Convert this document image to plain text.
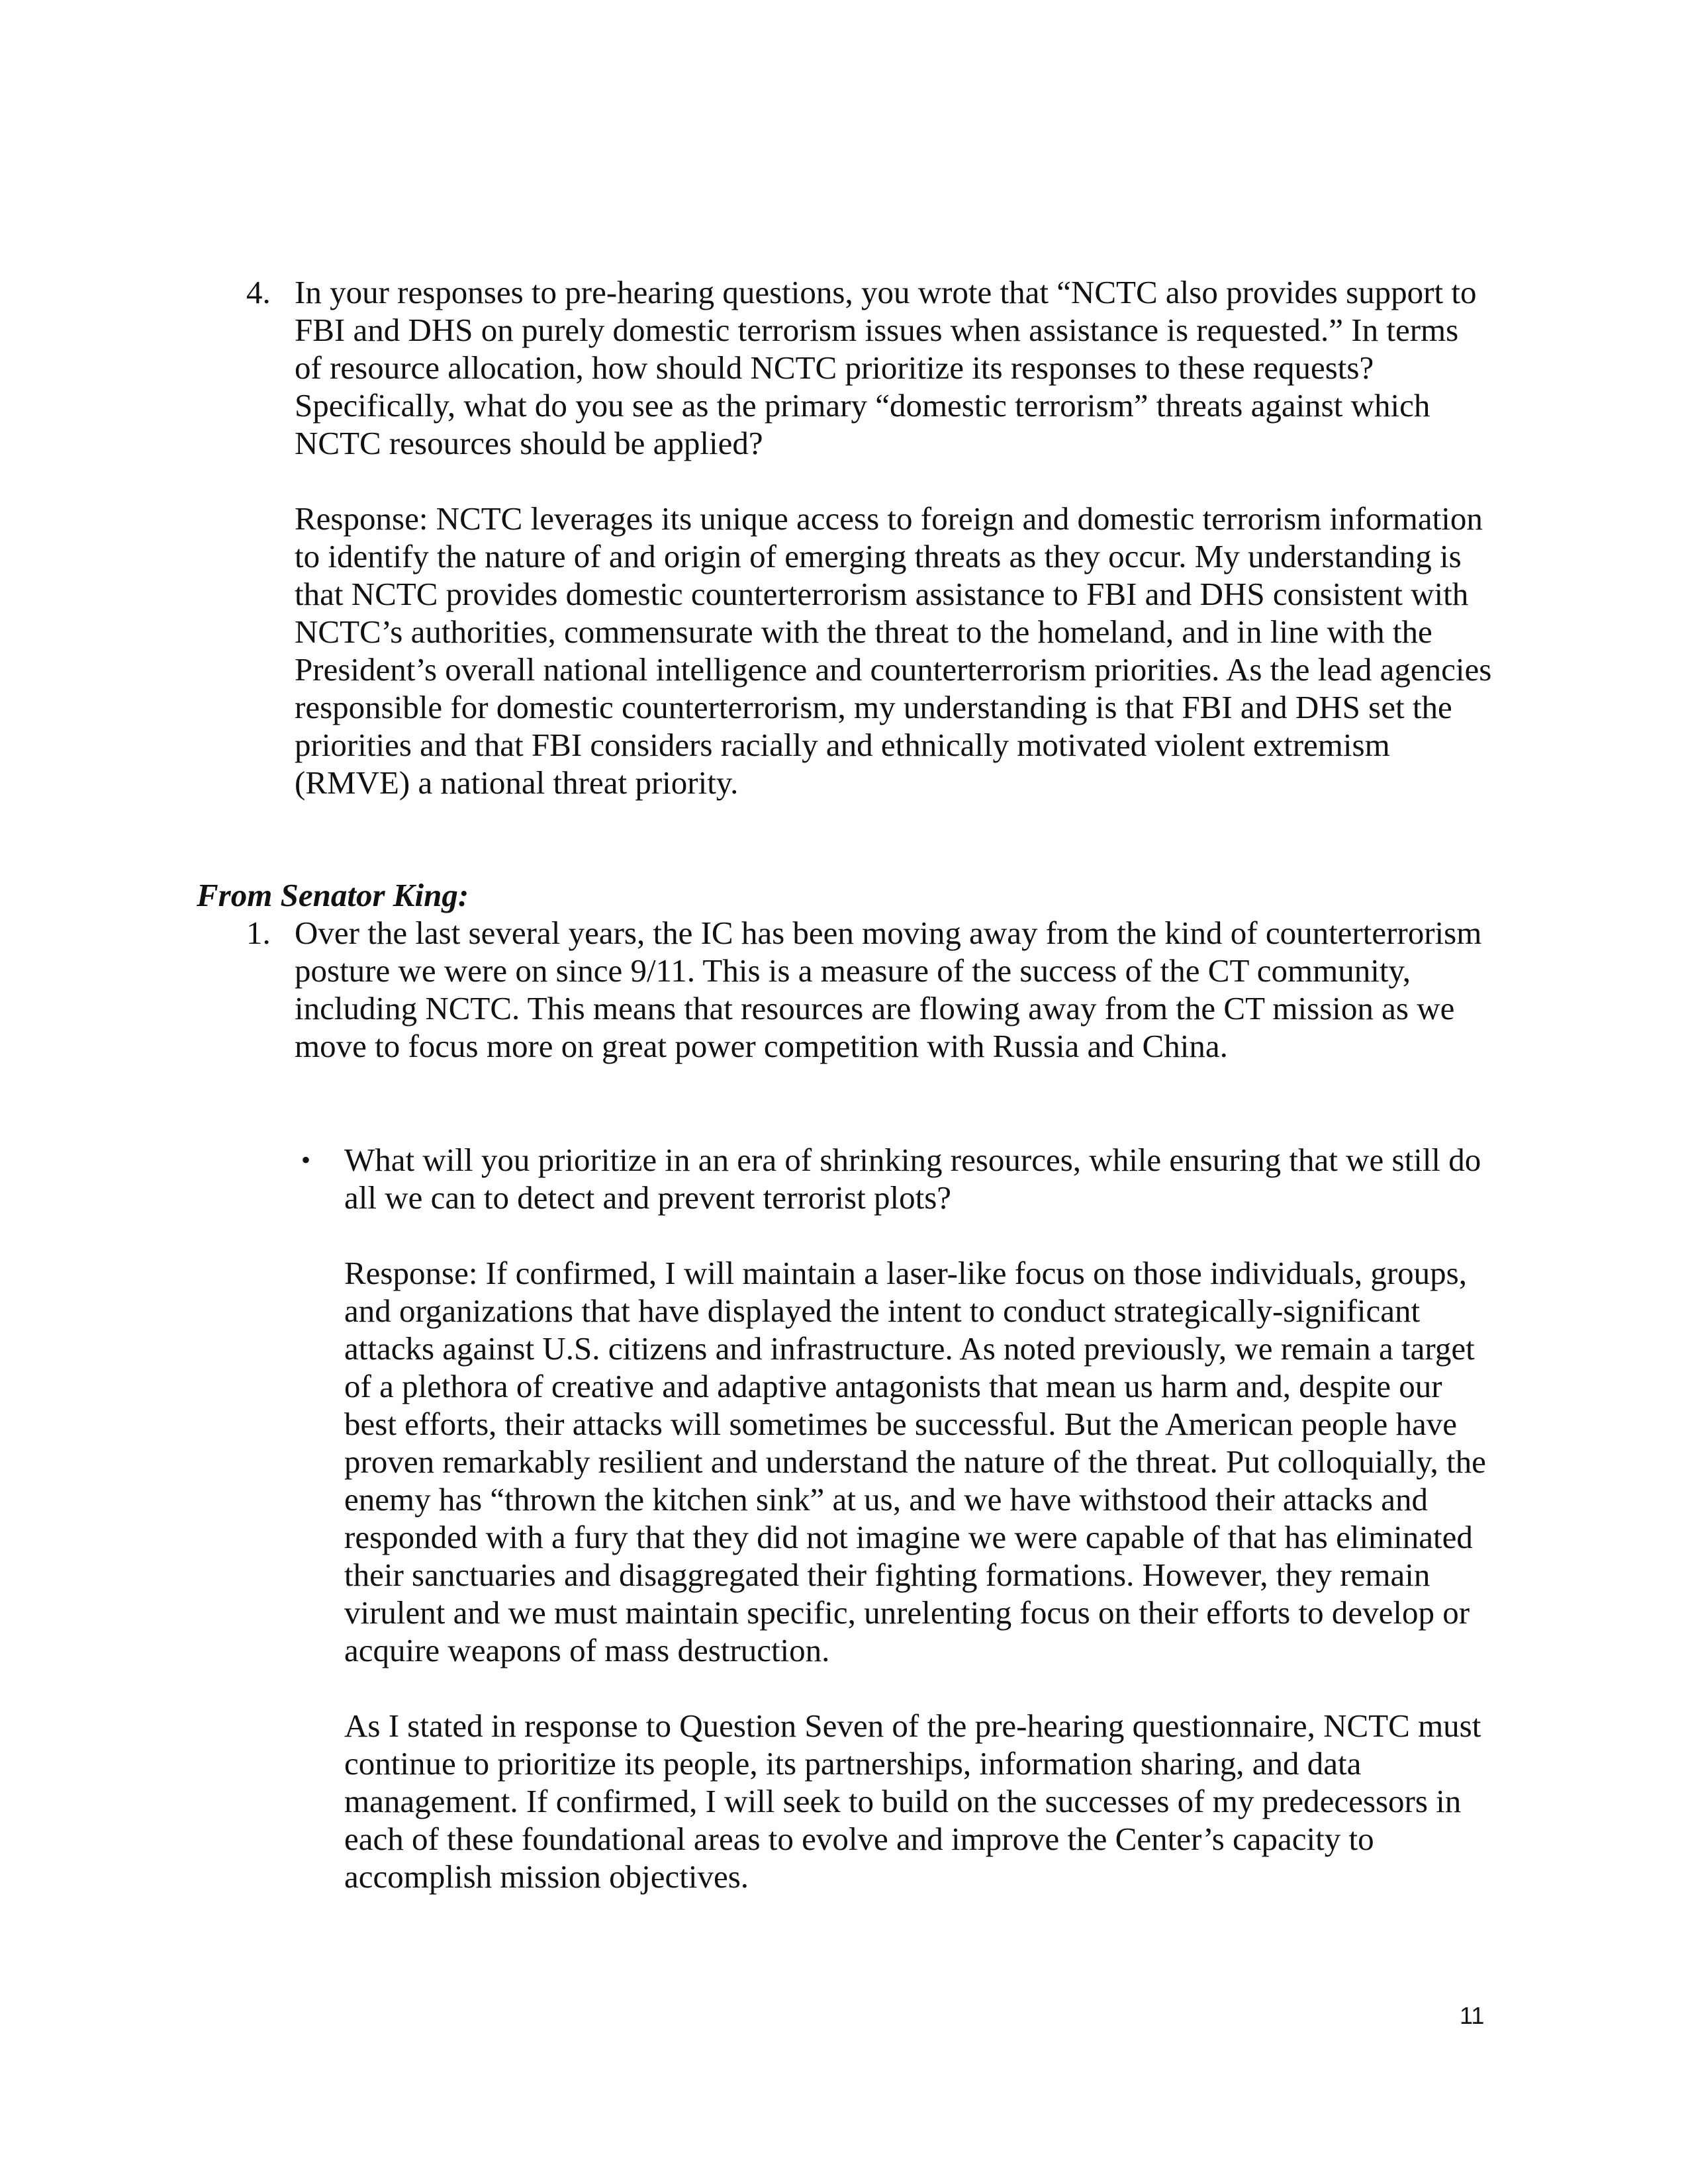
4. In your responses to pre-hearing questions, you wrote that “NCTC also provides support to FBI and DHS on purely domestic terrorism issues when assistance is requested.” In terms of resource allocation, how should NCTC prioritize its responses to these requests? Specifically, what do you see as the primary “domestic terrorism” threats against which NCTC resources should be applied?

Response: NCTC leverages its unique access to foreign and domestic terrorism information to identify the nature of and origin of emerging threats as they occur. My understanding is that NCTC provides domestic counterterrorism assistance to FBI and DHS consistent with NCTC’s authorities, commensurate with the threat to the homeland, and in line with the President’s overall national intelligence and counterterrorism priorities. As the lead agencies responsible for domestic counterterrorism, my understanding is that FBI and DHS set the priorities and that FBI considers racially and ethnically motivated violent extremism (RMVE) a national threat priority.

From Senator King:
1. Over the last several years, the IC has been moving away from the kind of counterterrorism posture we were on since 9/11. This is a measure of the success of the CT community, including NCTC. This means that resources are flowing away from the CT mission as we move to focus more on great power competition with Russia and China.

• What will you prioritize in an era of shrinking resources, while ensuring that we still do all we can to detect and prevent terrorist plots?

Response: If confirmed, I will maintain a laser-like focus on those individuals, groups, and organizations that have displayed the intent to conduct strategically-significant attacks against U.S. citizens and infrastructure. As noted previously, we remain a target of a plethora of creative and adaptive antagonists that mean us harm and, despite our best efforts, their attacks will sometimes be successful. But the American people have proven remarkably resilient and understand the nature of the threat. Put colloquially, the enemy has “thrown the kitchen sink” at us, and we have withstood their attacks and responded with a fury that they did not imagine we were capable of that has eliminated their sanctuaries and disaggregated their fighting formations. However, they remain virulent and we must maintain specific, unrelenting focus on their efforts to develop or acquire weapons of mass destruction.

As I stated in response to Question Seven of the pre-hearing questionnaire, NCTC must continue to prioritize its people, its partnerships, information sharing, and data management. If confirmed, I will seek to build on the successes of my predecessors in each of these foundational areas to evolve and improve the Center’s capacity to accomplish mission objectives.

11
